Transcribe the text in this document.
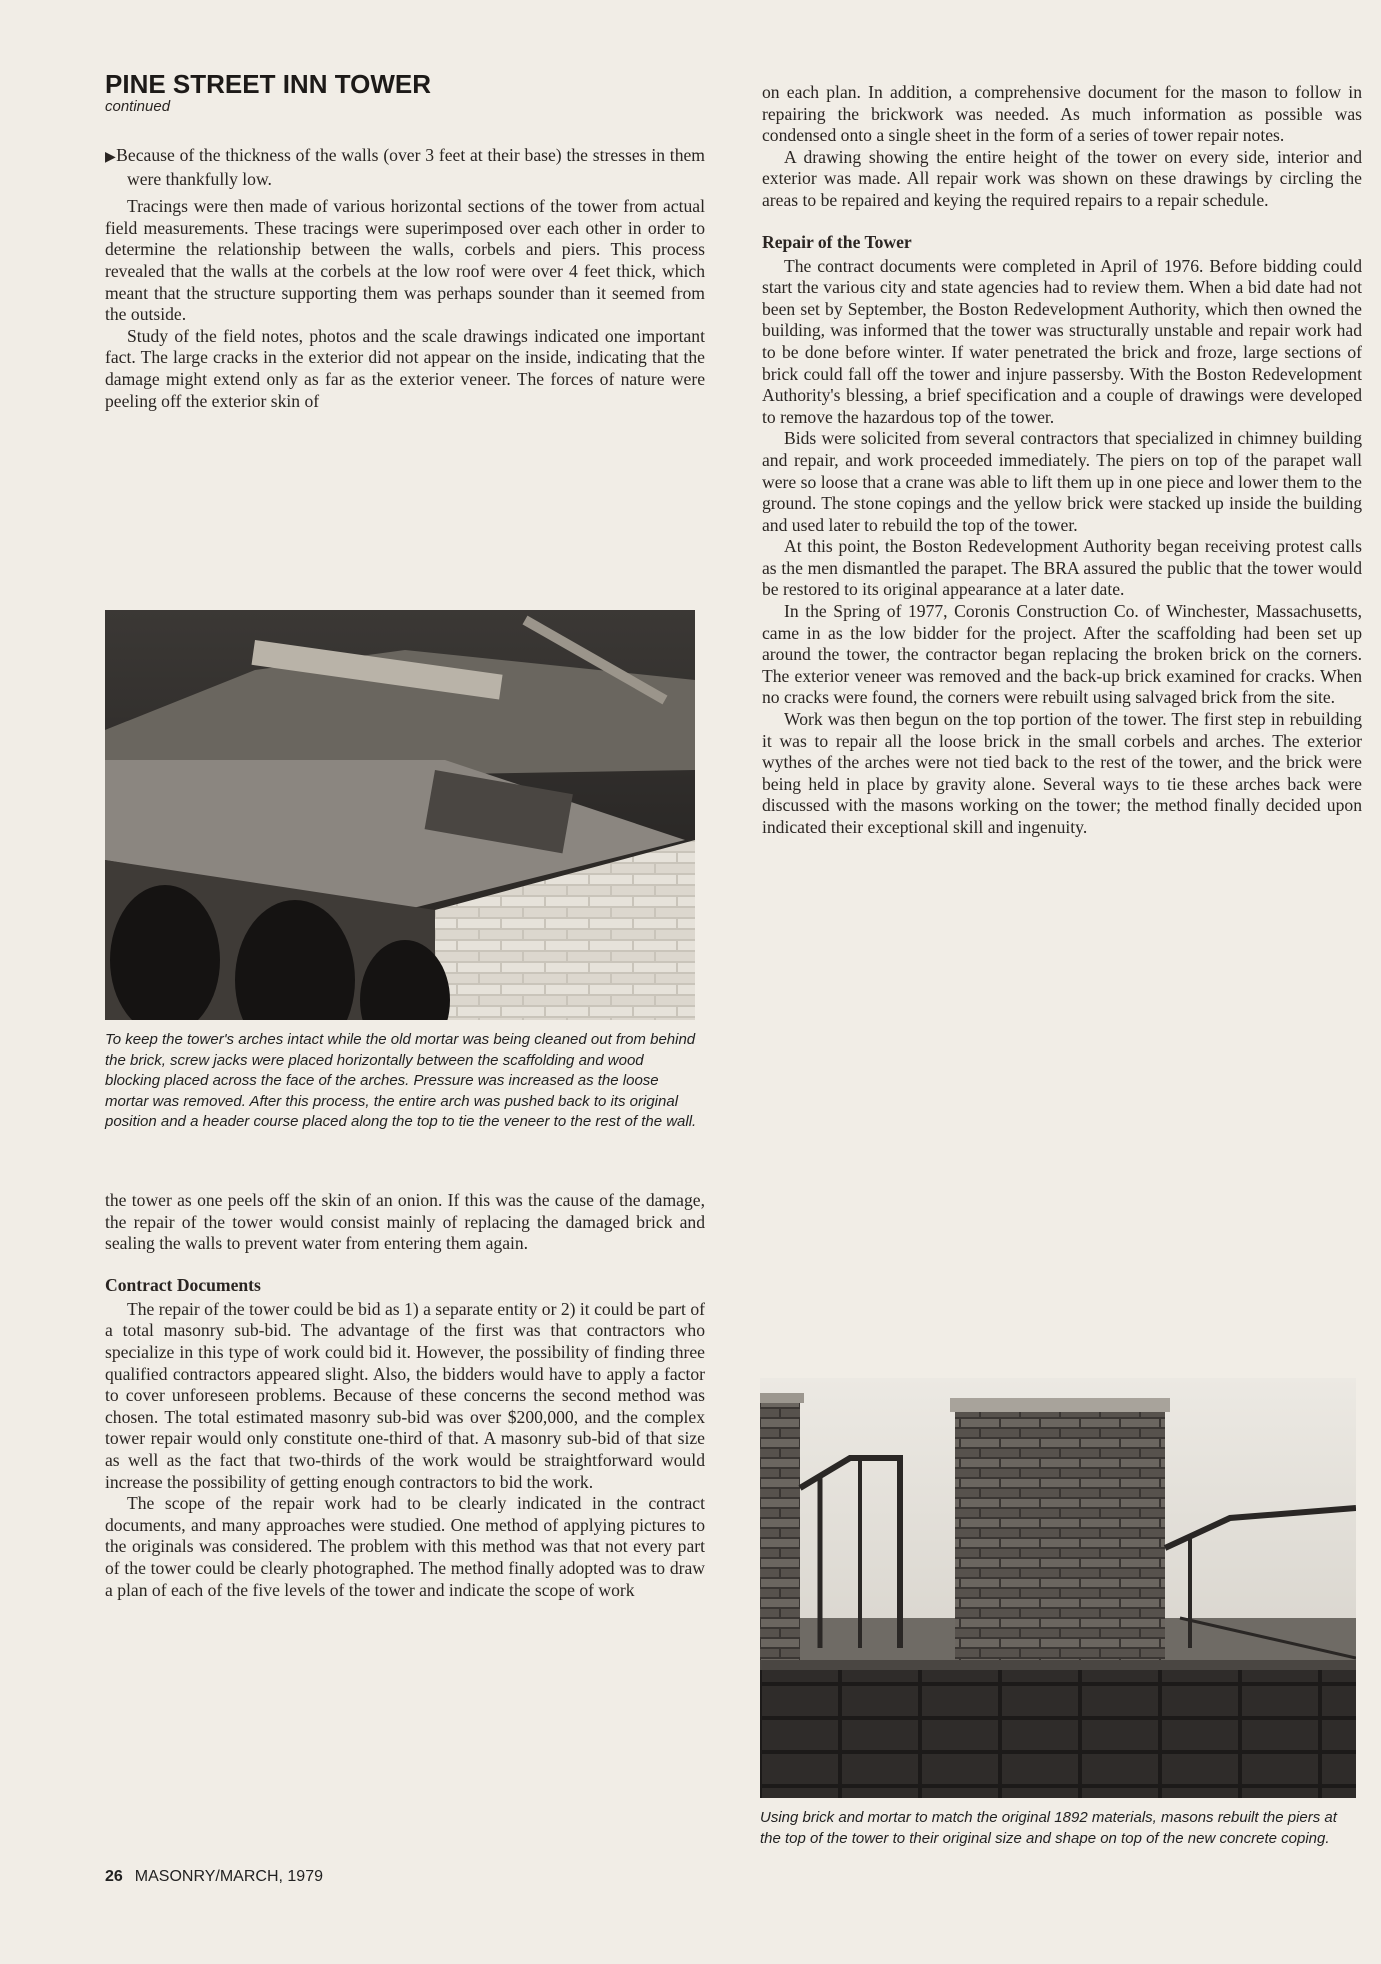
PINE STREET INN TOWER
continued

▶Because of the thickness of the walls (over 3 feet at their base) the stresses in them were thankfully low.

Tracings were then made of various horizontal sections of the tower from actual field measurements. These tracings were superimposed over each other in order to determine the relationship between the walls, corbels and piers. This process revealed that the walls at the corbels at the low roof were over 4 feet thick, which meant that the structure supporting them was perhaps sounder than it seemed from the outside.

Study of the field notes, photos and the scale drawings indicated one important fact. The large cracks in the exterior did not appear on the inside, indicating that the damage might extend only as far as the exterior veneer. The forces of nature were peeling off the exterior skin of

To keep the tower's arches intact while the old mortar was being cleaned out from behind the brick, screw jacks were placed horizontally between the scaffolding and wood blocking placed across the face of the arches. Pressure was increased as the loose mortar was removed. After this process, the entire arch was pushed back to its original position and a header course placed along the top to tie the veneer to the rest of the wall.

the tower as one peels off the skin of an onion. If this was the cause of the damage, the repair of the tower would consist mainly of replacing the damaged brick and sealing the walls to prevent water from entering them again.

Contract Documents

The repair of the tower could be bid as 1) a separate entity or 2) it could be part of a total masonry sub-bid. The advantage of the first was that contractors who specialize in this type of work could bid it. However, the possibility of finding three qualified contractors appeared slight. Also, the bidders would have to apply a factor to cover unforeseen problems. Because of these concerns the second method was chosen. The total estimated masonry sub-bid was over $200,000, and the complex tower repair would only constitute one-third of that. A masonry sub-bid of that size as well as the fact that two-thirds of the work would be straightforward would increase the possibility of getting enough contractors to bid the work.

The scope of the repair work had to be clearly indicated in the contract documents, and many approaches were studied. One method of applying pictures to the originals was considered. The problem with this method was that not every part of the tower could be clearly photographed. The method finally adopted was to draw a plan of each of the five levels of the tower and indicate the scope of work

on each plan. In addition, a comprehensive document for the mason to follow in repairing the brickwork was needed. As much information as possible was condensed onto a single sheet in the form of a series of tower repair notes.

A drawing showing the entire height of the tower on every side, interior and exterior was made. All repair work was shown on these drawings by circling the areas to be repaired and keying the required repairs to a repair schedule.

Repair of the Tower

The contract documents were completed in April of 1976. Before bidding could start the various city and state agencies had to review them. When a bid date had not been set by September, the Boston Redevelopment Authority, which then owned the building, was informed that the tower was structurally unstable and repair work had to be done before winter. If water penetrated the brick and froze, large sections of brick could fall off the tower and injure passersby. With the Boston Redevelopment Authority's blessing, a brief specification and a couple of drawings were developed to remove the hazardous top of the tower.

Bids were solicited from several contractors that specialized in chimney building and repair, and work proceeded immediately. The piers on top of the parapet wall were so loose that a crane was able to lift them up in one piece and lower them to the ground. The stone copings and the yellow brick were stacked up inside the building and used later to rebuild the top of the tower.

At this point, the Boston Redevelopment Authority began receiving protest calls as the men dismantled the parapet. The BRA assured the public that the tower would be restored to its original appearance at a later date.

In the Spring of 1977, Coronis Construction Co. of Winchester, Massachusetts, came in as the low bidder for the project. After the scaffolding had been set up around the tower, the contractor began replacing the broken brick on the corners. The exterior veneer was removed and the back-up brick examined for cracks. When no cracks were found, the corners were rebuilt using salvaged brick from the site.

Work was then begun on the top portion of the tower. The first step in rebuilding it was to repair all the loose brick in the small corbels and arches. The exterior wythes of the arches were not tied back to the rest of the tower, and the brick were being held in place by gravity alone. Several ways to tie these arches back were discussed with the masons working on the tower; the method finally decided upon indicated their exceptional skill and ingenuity.

Using brick and mortar to match the original 1892 materials, masons rebuilt the piers at the top of the tower to their original size and shape on top of the new concrete coping.
26 MASONRY/MARCH, 1979
